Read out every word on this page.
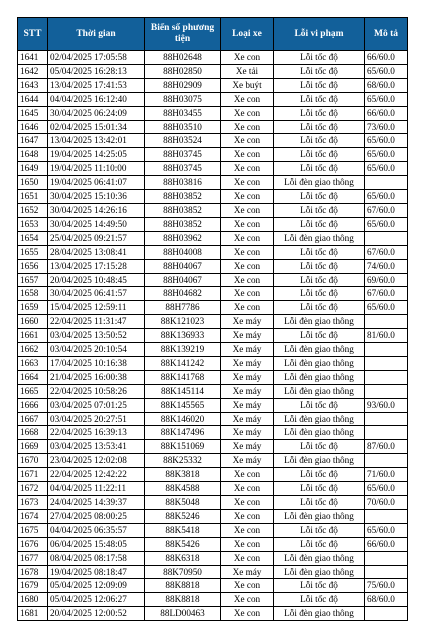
STT	Thời gian	Biển số phương tiện	Loại xe	Lỗi vi phạm	Mô tả
1641	02/04/2025 17:05:58	88H02648	Xe con	Lỗi tốc độ	66/60.0
1642	05/04/2025 16:28:13	88H02850	Xe tải	Lỗi tốc độ	65/60.0
1643	13/04/2025 17:41:53	88H02909	Xe buýt	Lỗi tốc độ	68/60.0
1644	04/04/2025 16:12:40	88H03075	Xe con	Lỗi tốc độ	65/60.0
1645	30/04/2025 06:24:09	88H03455	Xe con	Lỗi tốc độ	66/60.0
1646	02/04/2025 15:01:34	88H03510	Xe con	Lỗi tốc độ	73/60.0
1647	13/04/2025 13:42:01	88H03524	Xe con	Lỗi tốc độ	65/60.0
1648	19/04/2025 14:25:05	88H03745	Xe con	Lỗi tốc độ	65/60.0
1649	19/04/2025 11:10:00	88H03745	Xe con	Lỗi tốc độ	65/60.0
1650	19/04/2025 06:41:07	88H03816	Xe con	Lỗi đèn giao thông	
1651	30/04/2025 15:10:36	88H03852	Xe con	Lỗi tốc độ	65/60.0
1652	30/04/2025 14:26:16	88H03852	Xe con	Lỗi tốc độ	67/60.0
1653	30/04/2025 14:49:50	88H03852	Xe con	Lỗi tốc độ	65/60.0
1654	25/04/2025 09:21:57	88H03962	Xe con	Lỗi đèn giao thông	
1655	28/04/2025 13:08:41	88H04008	Xe con	Lỗi tốc độ	67/60.0
1656	13/04/2025 17:15:28	88H04067	Xe con	Lỗi tốc độ	74/60.0
1657	20/04/2025 10:48:45	88H04067	Xe con	Lỗi tốc độ	69/60.0
1658	30/04/2025 06:41:57	88H04682	Xe con	Lỗi tốc độ	67/60.0
1659	15/04/2025 12:59:11	88H7786	Xe con	Lỗi tốc độ	65/60.0
1660	22/04/2025 11:31:47	88K121023	Xe máy	Lỗi đèn giao thông	
1661	03/04/2025 13:50:52	88K136933	Xe máy	Lỗi tốc độ	81/60.0
1662	03/04/2025 20:10:54	88K139219	Xe máy	Lỗi đèn giao thông	
1663	17/04/2025 10:16:38	88K141242	Xe máy	Lỗi đèn giao thông	
1664	21/04/2025 16:00:38	88K141768	Xe máy	Lỗi đèn giao thông	
1665	22/04/2025 10:58:26	88K145114	Xe máy	Lỗi đèn giao thông	
1666	03/04/2025 07:01:25	88K145565	Xe máy	Lỗi tốc độ	93/60.0
1667	03/04/2025 20:27:51	88K146020	Xe máy	Lỗi đèn giao thông	
1668	22/04/2025 16:39:13	88K147496	Xe máy	Lỗi đèn giao thông	
1669	03/04/2025 13:53:41	88K151069	Xe máy	Lỗi tốc độ	87/60.0
1670	23/04/2025 12:02:08	88K25332	Xe máy	Lỗi đèn giao thông	
1671	22/04/2025 12:42:22	88K3818	Xe con	Lỗi tốc độ	71/60.0
1672	04/04/2025 11:22:11	88K4588	Xe con	Lỗi tốc độ	65/60.0
1673	24/04/2025 14:39:37	88K5048	Xe con	Lỗi tốc độ	70/60.0
1674	27/04/2025 08:00:25	88K5246	Xe con	Lỗi đèn giao thông	
1675	04/04/2025 06:35:57	88K5418	Xe con	Lỗi tốc độ	65/60.0
1676	06/04/2025 15:48:05	88K5426	Xe con	Lỗi tốc độ	66/60.0
1677	08/04/2025 08:17:58	88K6318	Xe con	Lỗi đèn giao thông	
1678	19/04/2025 08:18:47	88K70950	Xe máy	Lỗi đèn giao thông	
1679	05/04/2025 12:09:09	88K8818	Xe con	Lỗi tốc độ	75/60.0
1680	05/04/2025 12:06:27	88K8818	Xe con	Lỗi tốc độ	68/60.0
1681	20/04/2025 12:00:52	88LD00463	Xe con	Lỗi đèn giao thông	
